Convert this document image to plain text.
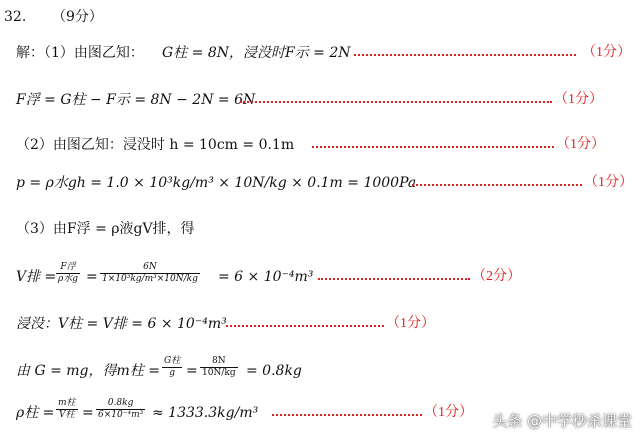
32. （9分）
解：（1）由图乙知： G柱 = 8N，浸没时F示 = 2N	（1分）
F浮 = G柱 − F示 = 8N − 2N = 6N	（1分）
（2）由图乙知：浸没时 h = 10cm = 0.1m	（1分）
p = ρ水gh = 1.0 × 10³kg/m³ × 10N/kg × 0.1m = 1000Pa	（1分）
（3）由F浮 = ρ液gV排，得
V排 = $\frac{\text{F浮}}{\text{ρ水g}} = \frac{6N}{\text{1×10³kg/m³×10N/kg}} = 6 \times 10^{-4}m^3$	（2分）
浸没：V柱 = V排 = 6 × 10⁻⁴m³	（1分）
由 G = mg，得m柱 = $\frac{\text{G柱}}{g} = \frac{8N}{10N/kg} = 0.8kg$
ρ柱 = $\frac{\text{m柱}}{\text{V柱}} = \frac{0.8kg}{\text{6×10⁻⁴m³}} \approx 1333.3kg/m^3$	（1分） 头条 @中学秒杀课堂
